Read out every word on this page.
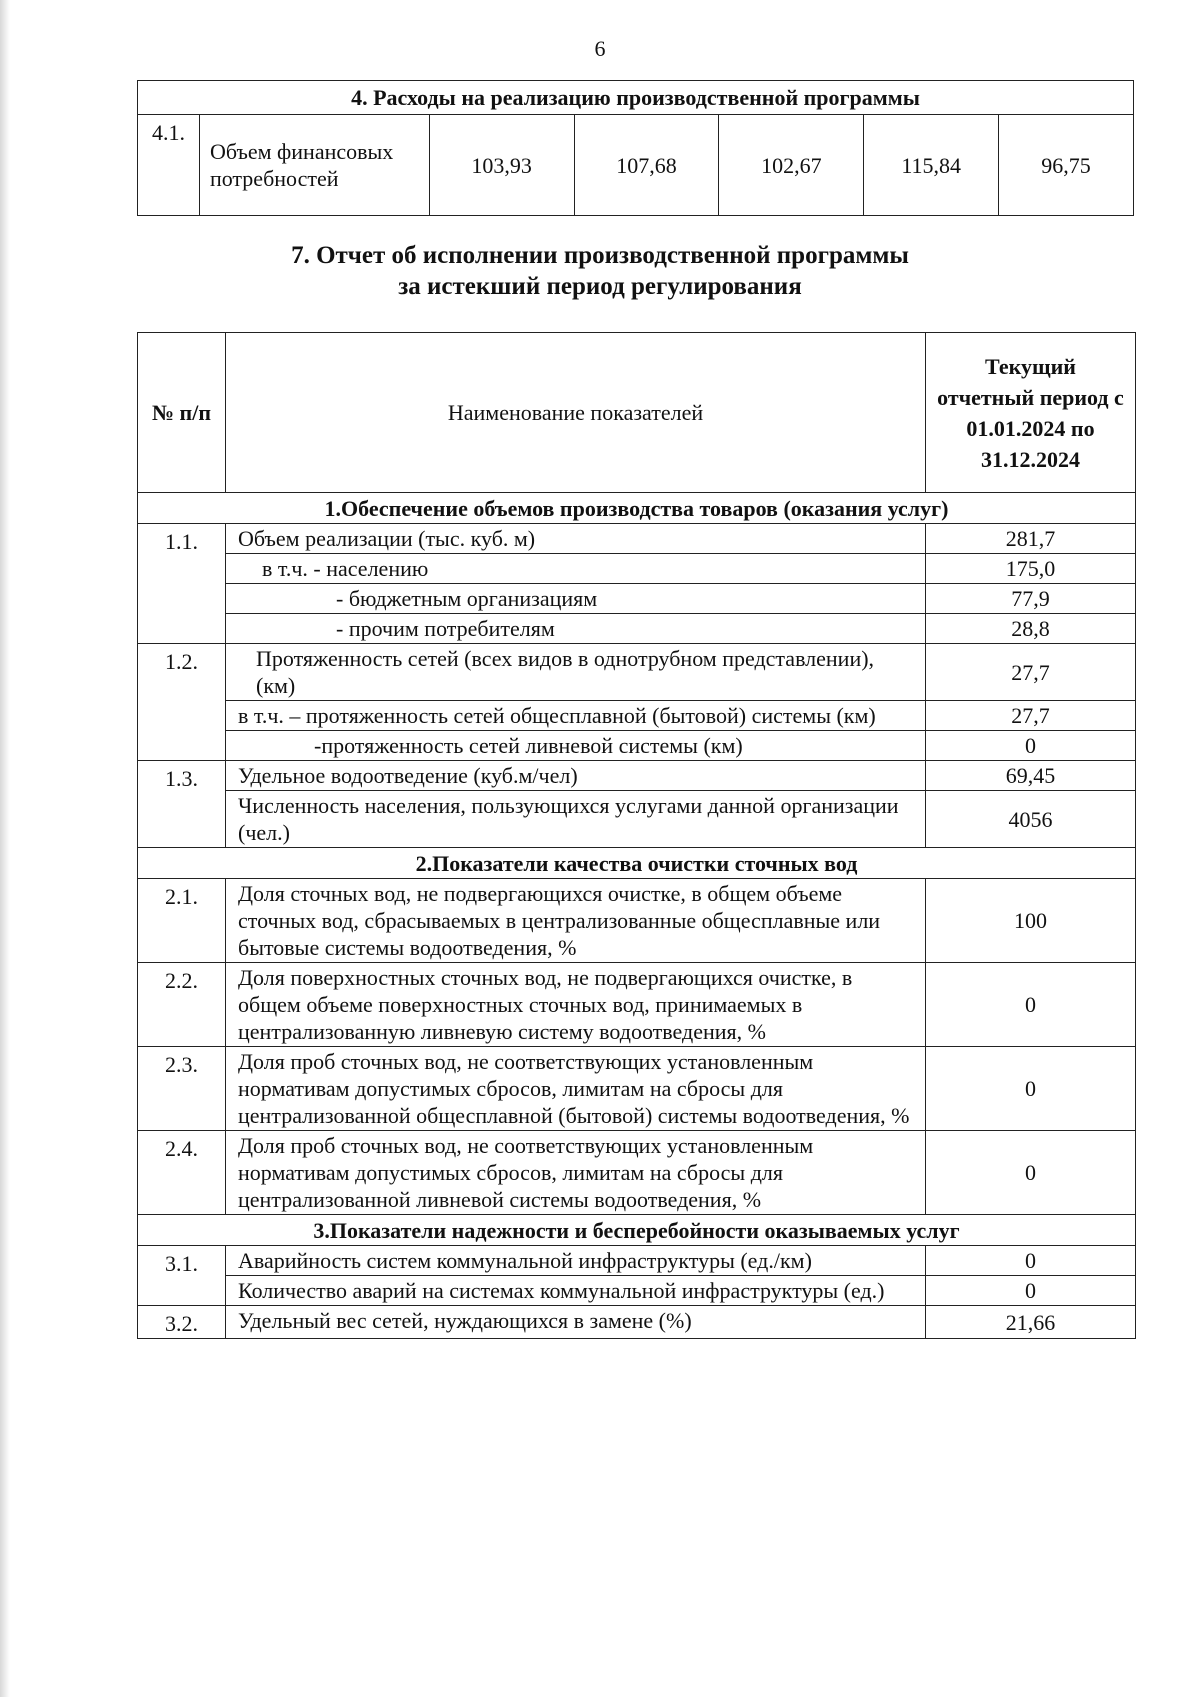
6
4. Расходы на реализацию производственной программы
4.1.	Объем финансовых потребностей	103,93	107,68	102,67	115,84	96,75
7. Отчет об исполнении производственной программы
за истекший период регулирования
№ п/п	Наименование показателей	Текущий отчетный период с 01.01.2024 по 31.12.2024
1.Обеспечение объемов производства товаров (оказания услуг)		
1.1.	Объем реализации (тыс. куб. м)	281,7
	в т.ч. - населению	175,0
	- бюджетным организациям	77,9
	- прочим потребителям	28,8
1.2.	Протяженность сетей (всех видов в однотрубном представлении), (км)	27,7
	в т.ч. – протяженность сетей общесплавной (бытовой) системы (км)	27,7
	-протяженность сетей ливневой системы (км)	0
1.3.	Удельное водоотведение (куб.м/чел)	69,45
	Численность населения, пользующихся услугами данной организации (чел.)	4056
2.Показатели качества очистки сточных вод		
2.1.	Доля сточных вод, не подвергающихся очистке, в общем объеме сточных вод, сбрасываемых в централизованные общесплавные или бытовые системы водоотведения, %	100
2.2.	Доля поверхностных сточных вод, не подвергающихся очистке, в общем объеме поверхностных сточных вод, принимаемых в централизованную ливневую систему водоотведения, %	0
2.3.	Доля проб сточных вод, не соответствующих установленным нормативам допустимых сбросов, лимитам на сбросы для централизованной общесплавной (бытовой) системы водоотведения, %	0
2.4.	Доля проб сточных вод, не соответствующих установленным нормативам допустимых сбросов, лимитам на сбросы для централизованной ливневой системы водоотведения, %	0
3.Показатели надежности и бесперебойности оказываемых услуг		
3.1.	Аварийность систем коммунальной инфраструктуры (ед./км)	0
	Количество аварий на системах коммунальной инфраструктуры (ед.)	0
3.2.	Удельный вес сетей, нуждающихся в замене (%)	21,66
